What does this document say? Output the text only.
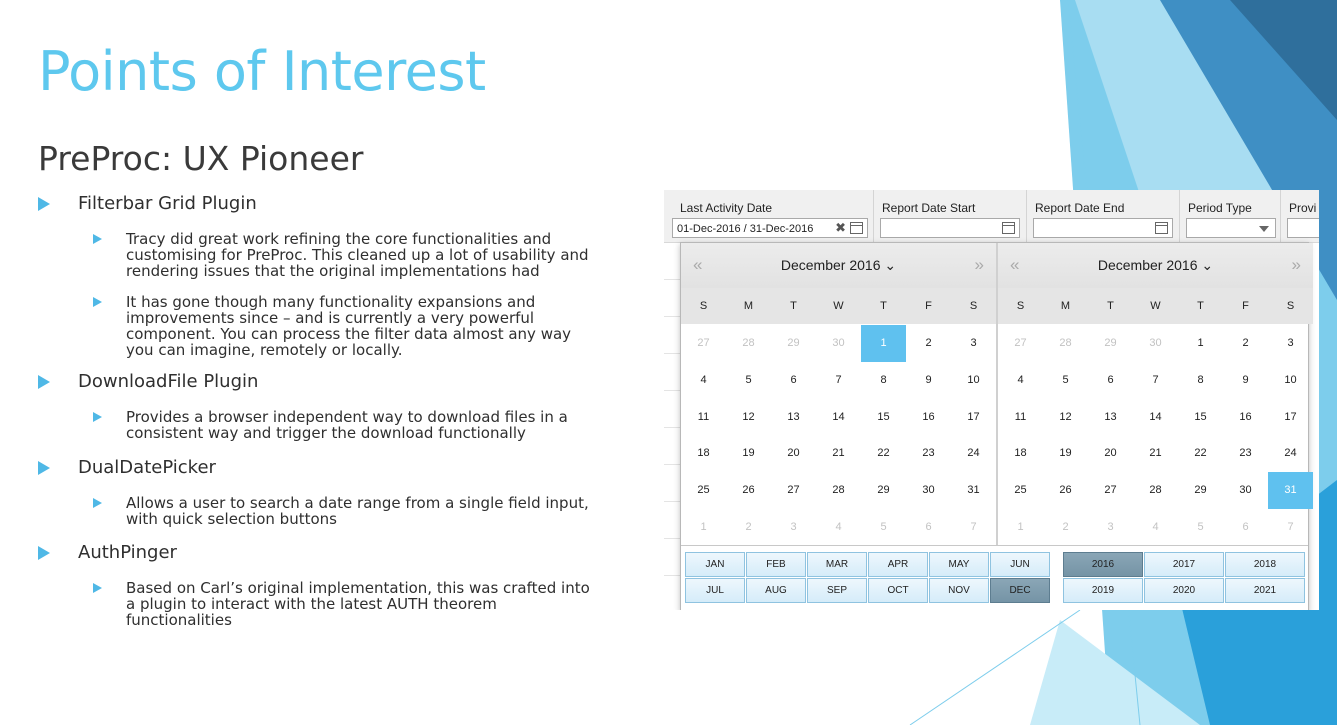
Points of Interest
PreProc: UX Pioneer
Filterbar Grid Plugin
Tracy did great work refining the core functionalities and customising for PreProc. This cleaned up a lot of usability and rendering issues that the original implementations had
It has gone though many functionality expansions and improvements since – and is currently a very powerful component. You can process the filter data almost any way you can imagine, remotely or locally.
DownloadFile Plugin
Provides a browser independent way to download files in a consistent way and trigger the download functionally
DualDatePicker
Allows a user to search a date range from a single field input, with quick selection buttons
AuthPinger
Based on Carl’s original implementation, this was crafted into a plugin to interact with the latest AUTH theorem functionalities
Last Activity Date
01-Dec-2016 / 31-Dec-2016 ✖
Report Date Start	Report Date End	Period Type	Provi
«	December 2016 ⌄	»
S	M	T	W	T	F	S
27	28	29	30	1	2	3
4	5	6	7	8	9	10
11	12	13	14	15	16	17
18	19	20	21	22	23	24
25	26	27	28	29	30	31
1	2	3	4	5	6	7
«	December 2016 ⌄	»
S	M	T	W	T	F	S
27	28	29	30	1	2	3
4	5	6	7	8	9	10
11	12	13	14	15	16	17
18	19	20	21	22	23	24
25	26	27	28	29	30	31
1	2	3	4	5	6	7
JAN	FEB	MAR	APR	MAY	JUN
JUL	AUG	SEP	OCT	NOV	DEC
2016	2017	2018
2019	2020	2021
